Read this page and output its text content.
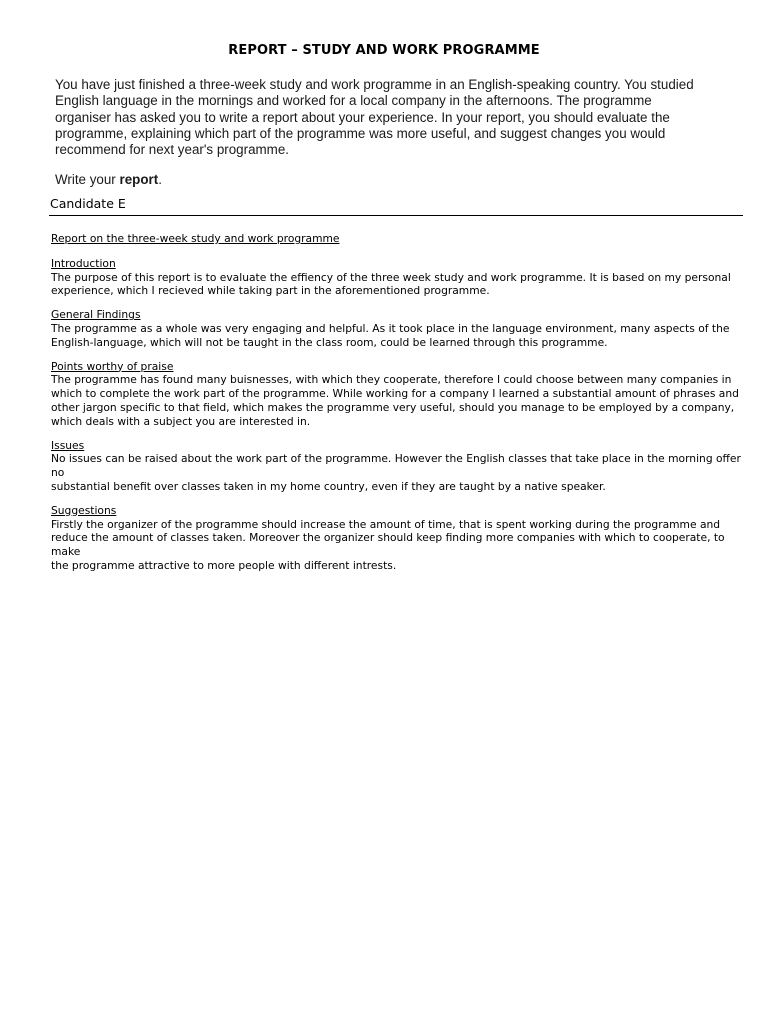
REPORT – STUDY AND WORK PROGRAMME

You have just finished a three-week study and work programme in an English-speaking country. You studied English language in the mornings and worked for a local company in the afternoons. The programme organiser has asked you to write a report about your experience. In your report, you should evaluate the programme, explaining which part of the programme was more useful, and suggest changes you would recommend for next year's programme.

Write your report.

Candidate E

Report on the three-week study and work programme

Introduction

The purpose of this report is to evaluate the effiency of the three week study and work programme. It is based on my personal
experience, which I recieved while taking part in the aforementioned programme.

General Findings

The programme as a whole was very engaging and helpful. As it took place in the language environment, many aspects of the
English-language, which will not be taught in the class room, could be learned through this programme.

Points worthy of praise

The programme has found many buisnesses, with which they cooperate, therefore I could choose between many companies in
which to complete the work part of the programme. While working for a company I learned a substantial amount of phrases and
other jargon specific to that field, which makes the programme very useful, should you manage to be employed by a company,
which deals with a subject you are interested in.

Issues

No issues can be raised about the work part of the programme. However the English classes that take place in the morning offer no
substantial benefit over classes taken in my home country, even if they are taught by a native speaker.

Suggestions

Firstly the organizer of the programme should increase the amount of time, that is spent working during the programme and
reduce the amount of classes taken. Moreover the organizer should keep finding more companies with which to cooperate, to make
the programme attractive to more people with different intrests.
